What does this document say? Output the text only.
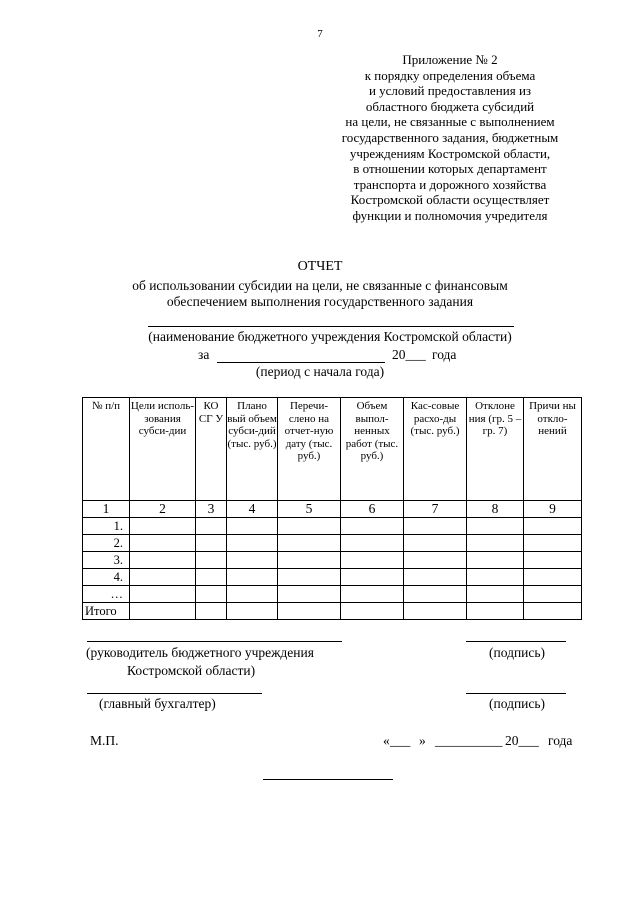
7
Приложение № 2
к порядку определения объема
и условий предоставления из
областного бюджета субсидий
на цели, не связанные с выполнением
государственного задания, бюджетным
учреждениям Костромской области,
в отношении которых департамент
транспорта и дорожного хозяйства
Костромской области осуществляет
функции и полномочия учредителя
ОТЧЕТ
об использовании субсидии на цели, не связанные с финансовым
обеспечением выполнения государственного задания
(наименование бюджетного учреждения Костромской области)
за	20___ года
(период с начала года)
№ п/п	Цели исполь-зования субси-дии	КО СГ У	Плано вый объем субси-дий (тыс. руб.)	Перечи-слено на отчет-ную дату (тыс. руб.)	Объем выпол-ненных работ (тыс. руб.)	Кас-совые расхо-ды (тыс. руб.)	Отклоне ния (гр. 5 – гр. 7)	Причи ны откло-нений
1	2	3	4	5	6	7	8	9
1.								
2.								
3.								
4.								
…								
Итого								
(руководитель бюджетного учреждения
Костромской области)
(подпись)
(главный бухгалтер)	(подпись)
М.П.	« ___ » __________ 20___ года
